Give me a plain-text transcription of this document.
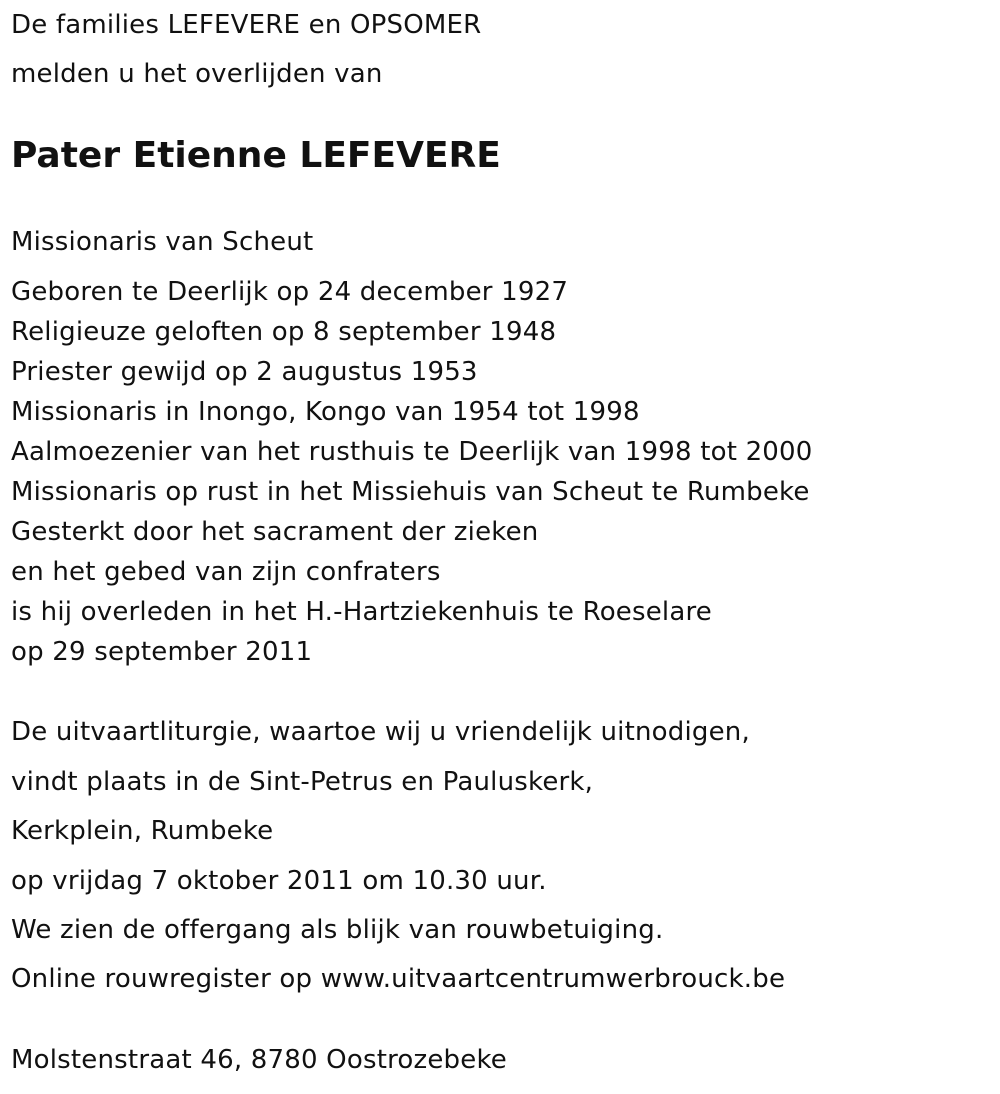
De families LEFEVERE en OPSOMER
melden u het overlijden van
Pater Etienne LEFEVERE
Missionaris van Scheut
Geboren te Deerlijk op 24 december 1927
Religieuze geloften op 8 september 1948
Priester gewijd op 2 augustus 1953
Missionaris in Inongo, Kongo van 1954 tot 1998
Aalmoezenier van het rusthuis te Deerlijk van 1998 tot 2000
Missionaris op rust in het Missiehuis van Scheut te Rumbeke
Gesterkt door het sacrament der zieken
en het gebed van zijn confraters
is hij overleden in het H.-Hartziekenhuis te Roeselare
op 29 september 2011
De uitvaartliturgie, waartoe wij u vriendelijk uitnodigen,
vindt plaats in de Sint-Petrus en Pauluskerk,
Kerkplein, Rumbeke
op vrijdag 7 oktober 2011 om 10.30 uur.
We zien de offergang als blijk van rouwbetuiging.
Online rouwregister op www.uitvaartcentrumwerbrouck.be
Molstenstraat 46, 8780 Oostrozebeke
